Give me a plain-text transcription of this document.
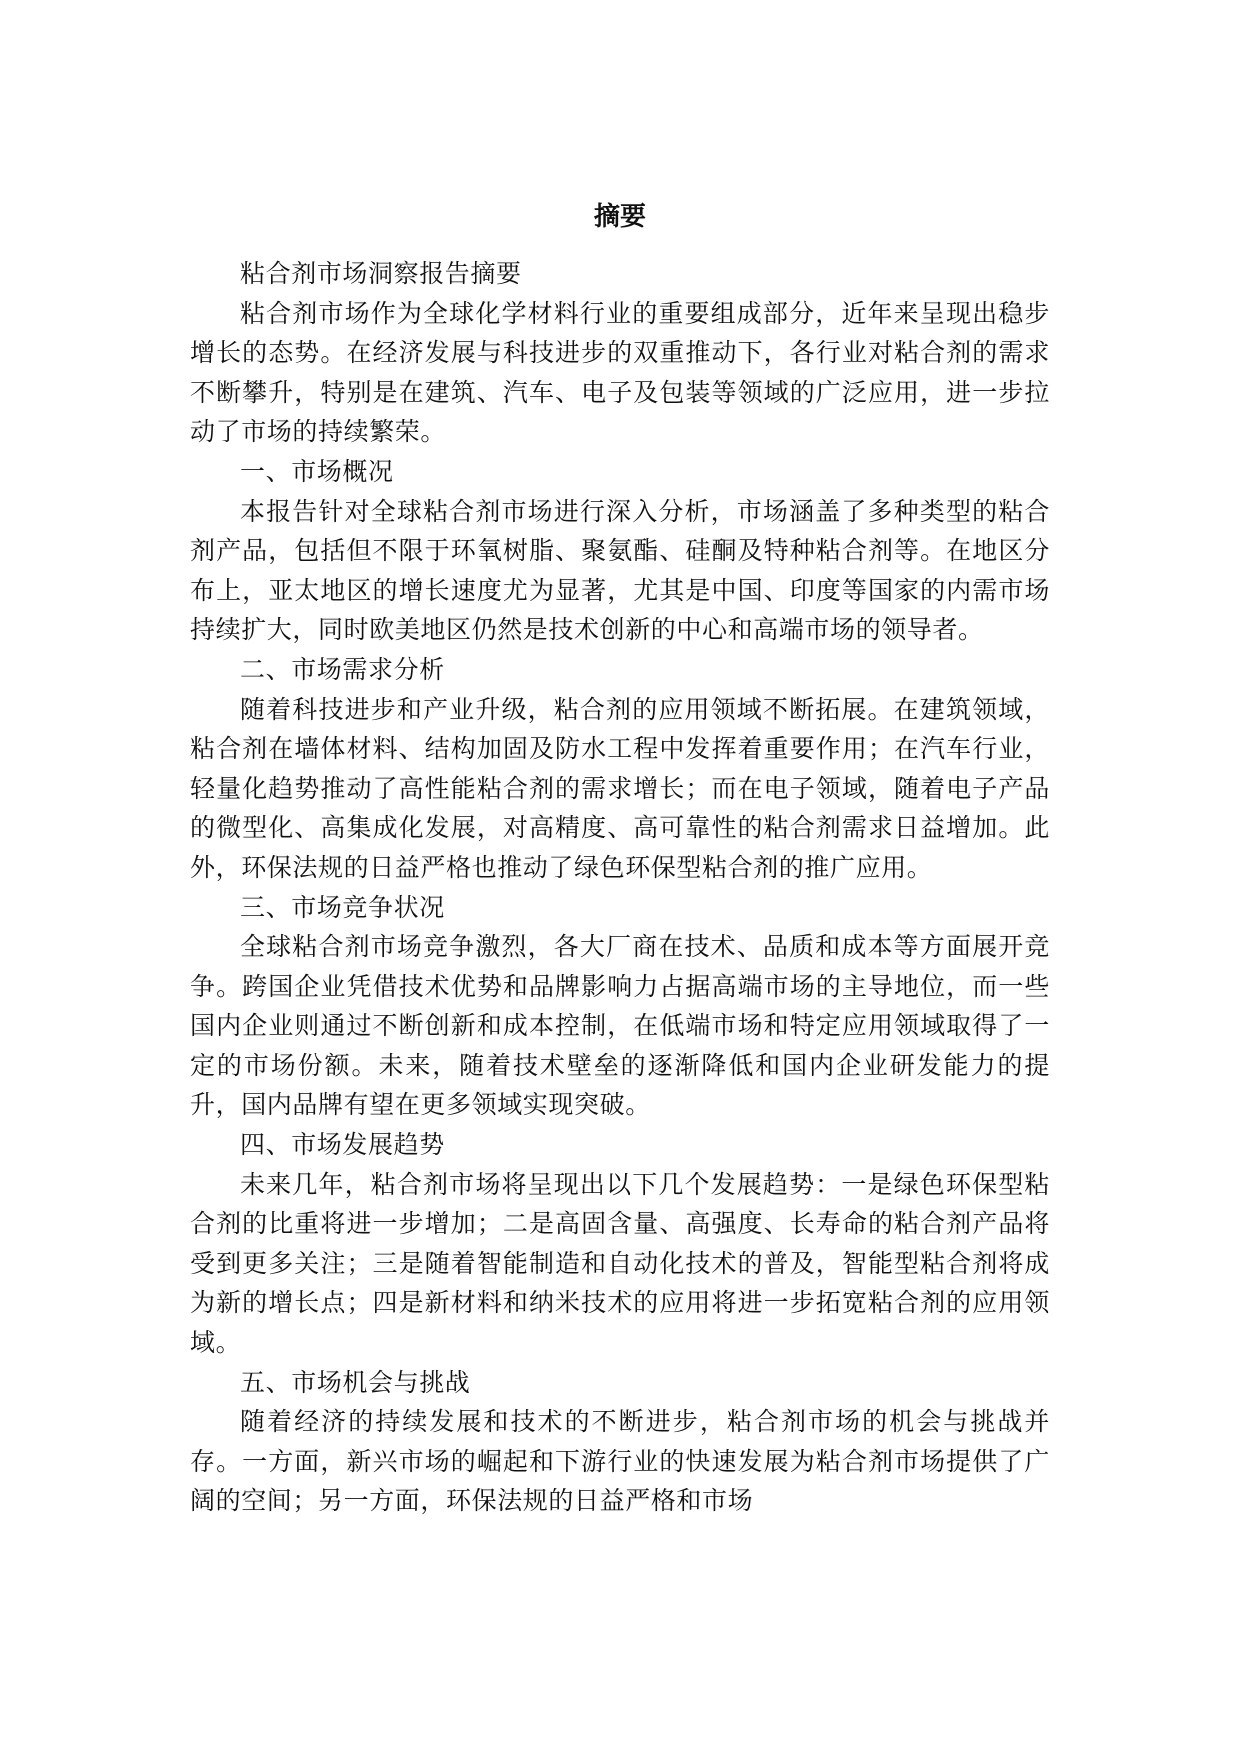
摘要

粘合剂市场洞察报告摘要

粘合剂市场作为全球化学材料行业的重要组成部分，近年来呈现出稳步增长的态势。在经济发展与科技进步的双重推动下，各行业对粘合剂的需求不断攀升，特别是在建筑、汽车、电子及包装等领域的广泛应用，进一步拉动了市场的持续繁荣。

一、市场概况

本报告针对全球粘合剂市场进行深入分析，市场涵盖了多种类型的粘合剂产品，包括但不限于环氧树脂、聚氨酯、硅酮及特种粘合剂等。在地区分布上，亚太地区的增长速度尤为显著，尤其是中国、印度等国家的内需市场持续扩大，同时欧美地区仍然是技术创新的中心和高端市场的领导者。

二、市场需求分析

随着科技进步和产业升级，粘合剂的应用领域不断拓展。在建筑领域，粘合剂在墙体材料、结构加固及防水工程中发挥着重要作用；在汽车行业，轻量化趋势推动了高性能粘合剂的需求增长；而在电子领域，随着电子产品的微型化、高集成化发展，对高精度、高可靠性的粘合剂需求日益增加。此外，环保法规的日益严格也推动了绿色环保型粘合剂的推广应用。

三、市场竞争状况

全球粘合剂市场竞争激烈，各大厂商在技术、品质和成本等方面展开竞争。跨国企业凭借技术优势和品牌影响力占据高端市场的主导地位，而一些国内企业则通过不断创新和成本控制，在低端市场和特定应用领域取得了一定的市场份额。未来，随着技术壁垒的逐渐降低和国内企业研发能力的提升，国内品牌有望在更多领域实现突破。

四、市场发展趋势

未来几年，粘合剂市场将呈现出以下几个发展趋势：一是绿色环保型粘合剂的比重将进一步增加；二是高固含量、高强度、长寿命的粘合剂产品将受到更多关注；三是随着智能制造和自动化技术的普及，智能型粘合剂将成为新的增长点；四是新材料和纳米技术的应用将进一步拓宽粘合剂的应用领域。

五、市场机会与挑战

随着经济的持续发展和技术的不断进步，粘合剂市场的机会与挑战并存。一方面，新兴市场的崛起和下游行业的快速发展为粘合剂市场提供了广阔的空间；另一方面，环保法规的日益严格和市场
